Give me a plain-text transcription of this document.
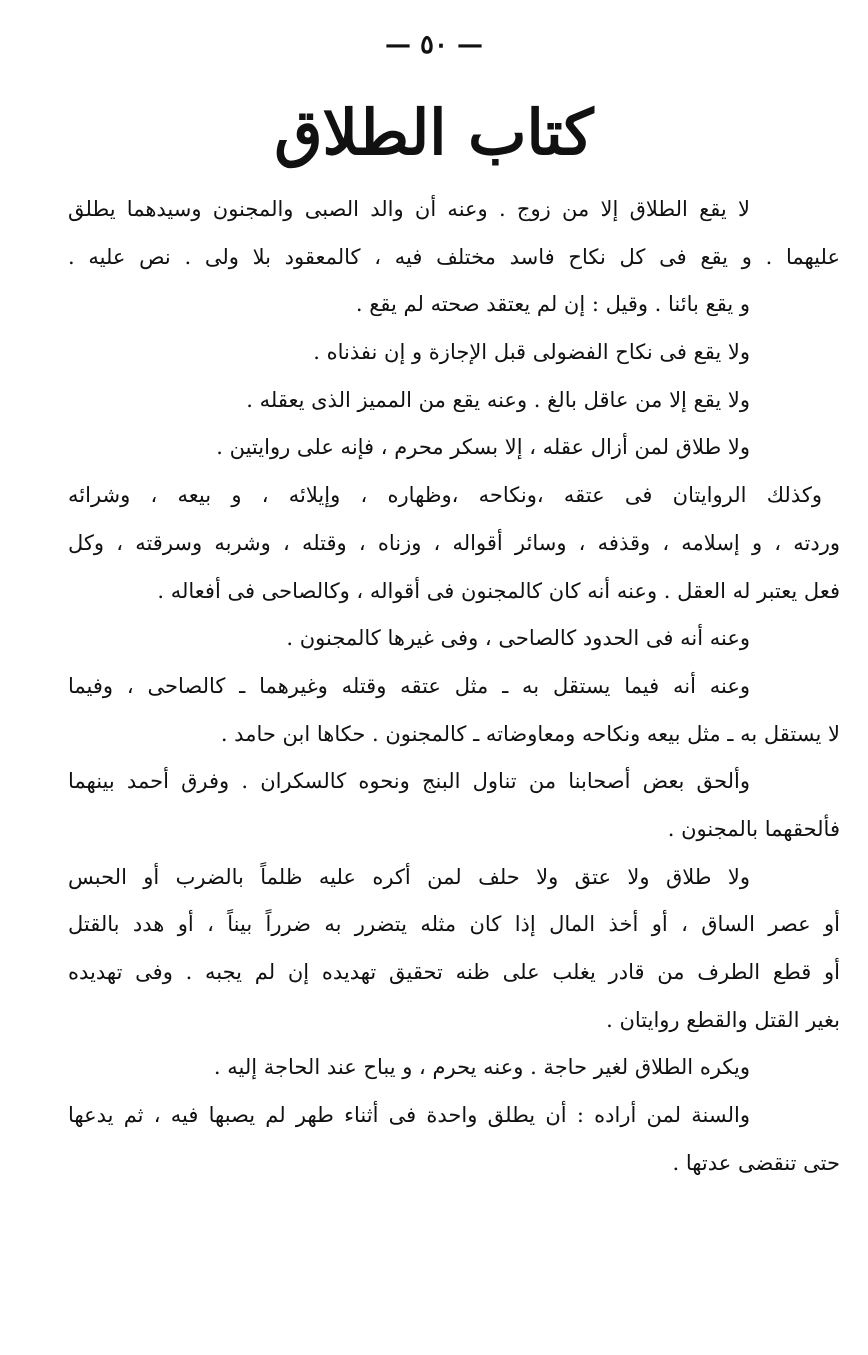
— ٥٠ —
كتاب الطلاق
لا يقع الطلاق إلا من زوج . وعنه أن والد الصبى والمجنون وسيدهما يطلق
عليهما . و يقع فى كل نكاح فاسد مختلف فيه ، كالمعقود بلا ولى . نص عليه .
و يقع بائنا . وقيل : إن لم يعتقد صحته لم يقع .
ولا يقع فى نكاح الفضولى قبل الإجازة و إن نفذناه .
ولا يقع إلا من عاقل بالغ . وعنه يقع من المميز الذى يعقله .
ولا طلاق لمن أزال عقله ، إلا بسكر محرم ، فإنه على روايتين .
وكذلك الروايتان فى عتقه ،ونكاحه ،وظهاره ، وإيلائه ، و بيعه ، وشرائه
وردته ، و إسلامه ، وقذفه ، وسائر أقواله ، وزناه ، وقتله ، وشربه وسرقته ، وكل
فعل يعتبر له العقل . وعنه أنه كان كالمجنون فى أقواله ، وكالصاحى فى أفعاله .
وعنه أنه فى الحدود كالصاحى ، وفى غيرها كالمجنون .
وعنه أنه فيما يستقل به ـ مثل عتقه وقتله وغيرهما ـ كالصاحى ، وفيما
لا يستقل به ـ مثل بيعه ونكاحه ومعاوضاته ـ كالمجنون . حكاها ابن حامد .
وألحق بعض أصحابنا من تناول البنج ونحوه كالسكران . وفرق أحمد بينهما
فألحقهما بالمجنون .
ولا طلاق ولا عتق ولا حلف لمن أكره عليه ظلماً بالضرب أو الحبس
أو عصر الساق ، أو أخذ المال إذا كان مثله يتضرر به ضرراً بيناً ، أو هدد بالقتل
أو قطع الطرف من قادر يغلب على ظنه تحقيق تهديده إن لم يجبه . وفى تهديده
بغير القتل والقطع روايتان .
ويكره الطلاق لغير حاجة . وعنه يحرم ، و يباح عند الحاجة إليه .
والسنة لمن أراده : أن يطلق واحدة فى أثناء طهر لم يصبها فيه ، ثم يدعها
حتى تنقضى عدتها .
